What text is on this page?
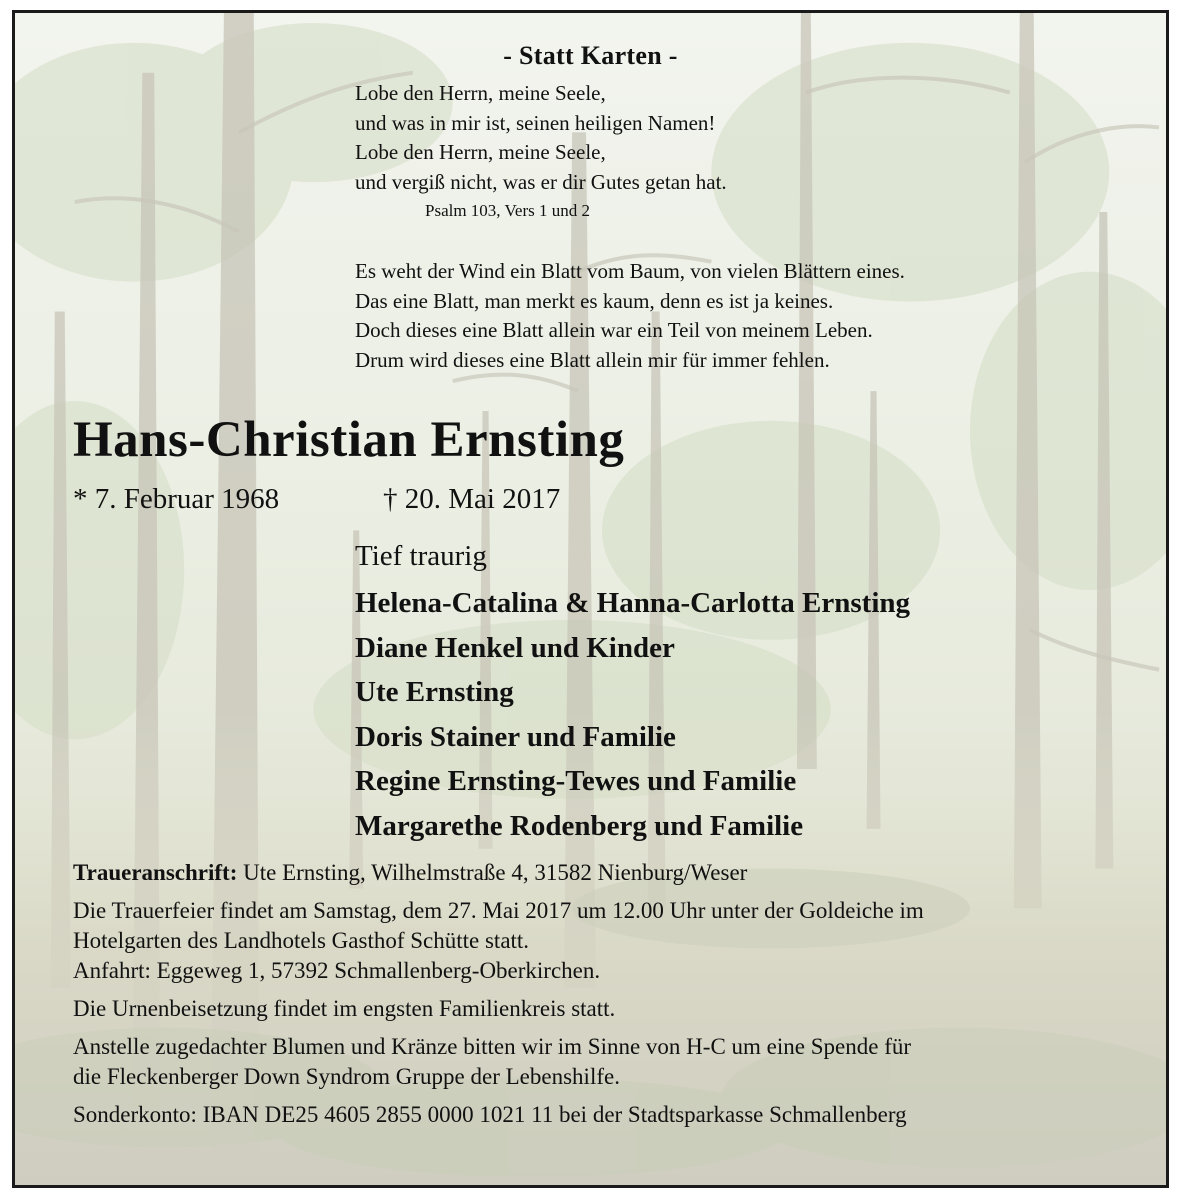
- Statt Karten -
Lobe den Herrn, meine Seele,
und was in mir ist, seinen heiligen Namen!
Lobe den Herrn, meine Seele,
und vergiß nicht, was er dir Gutes getan hat.
Psalm 103, Vers 1 und 2
Es weht der Wind ein Blatt vom Baum, von vielen Blättern eines.
Das eine Blatt, man merkt es kaum, denn es ist ja keines.
Doch dieses eine Blatt allein war ein Teil von meinem Leben.
Drum wird dieses eine Blatt allein mir für immer fehlen.
Hans-Christian Ernsting
* 7. Februar 1968	† 20. Mai 2017
Tief traurig
Helena-Catalina & Hanna-Carlotta Ernsting
Diane Henkel und Kinder
Ute Ernsting
Doris Stainer und Familie
Regine Ernsting-Tewes und Familie
Margarethe Rodenberg und Familie
Traueranschrift: Ute Ernsting, Wilhelmstraße 4, 31582 Nienburg/Weser
Die Trauerfeier findet am Samstag, dem 27. Mai 2017 um 12.00 Uhr unter der Goldeiche im
Hotelgarten des Landhotels Gasthof Schütte statt.
Anfahrt: Eggeweg 1, 57392 Schmallenberg-Oberkirchen.
Die Urnenbeisetzung findet im engsten Familienkreis statt.
Anstelle zugedachter Blumen und Kränze bitten wir im Sinne von H-C um eine Spende für
die Fleckenberger Down Syndrom Gruppe der Lebenshilfe.
Sonderkonto: IBAN DE25 4605 2855 0000 1021 11 bei der Stadtsparkasse Schmallenberg
